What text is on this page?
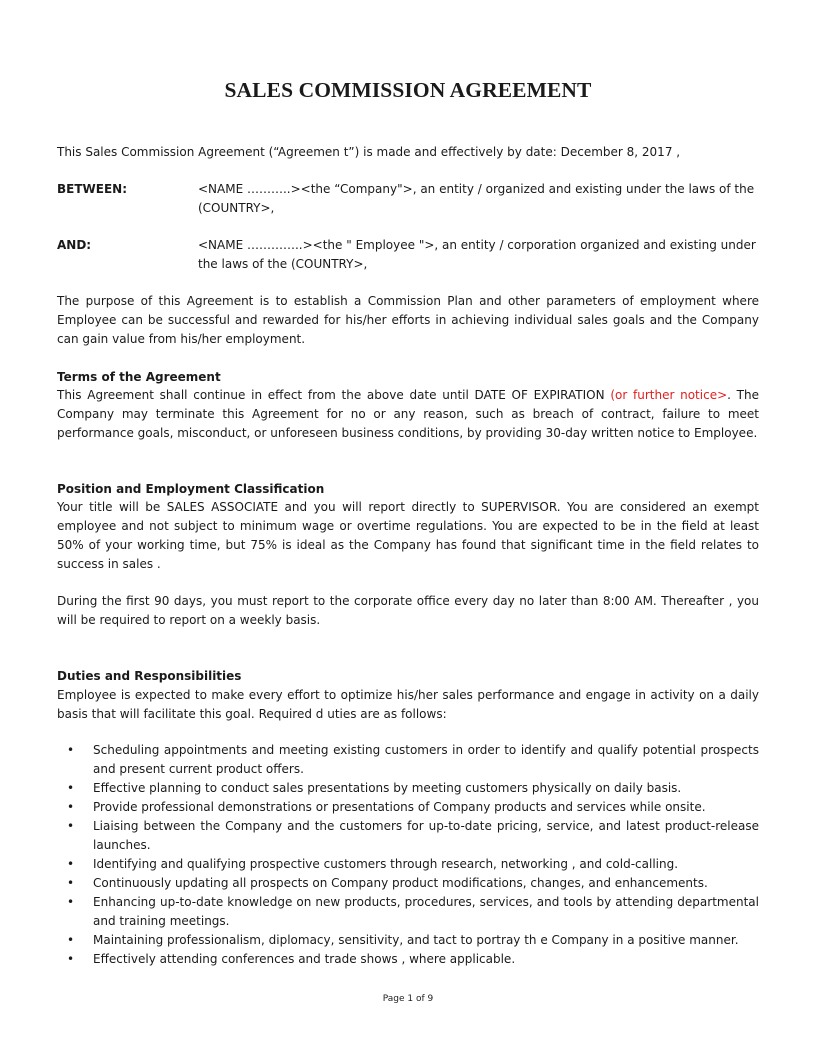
SALES COMMISSION AGREEMENT

This Sales Commission Agreement (“Agreemen t”) is made and effectively by date: December 8, 2017 ,

BETWEEN:	<NAME ………..><the “Company">, an entity / organized and existing under the laws of the (COUNTRY>,
AND:	<NAME …………..><the " Employee ">, an entity / corporation organized and existing under the laws of the (COUNTRY>,

The purpose of this Agreement is to establish a Commission Plan and other parameters of employment where Employee can be successful and rewarded for his/her efforts in achieving individual sales goals and the Company can gain value from his/her employment.

Terms of the Agreement

This Agreement shall continue in effect from the above date until DATE OF EXPIRATION (or further notice>. The Company may terminate this Agreement for no or any reason, such as breach of contract, failure to meet performance goals, misconduct, or unforeseen business conditions, by providing 30-day written notice to Employee.

Position and Employment Classification

Your title will be SALES ASSOCIATE and you will report directly to SUPERVISOR. You are considered an exempt employee and not subject to minimum wage or overtime regulations. You are expected to be in the field at least 50% of your working time, but 75% is ideal as the Company has found that significant time in the field relates to success in sales .

During the first 90 days, you must report to the corporate office every day no later than 8:00 AM. Thereafter , you will be required to report on a weekly basis.

Duties and Responsibilities

Employee is expected to make every effort to optimize his/her sales performance and engage in activity on a daily basis that will facilitate this goal. Required d uties are as follows:

• Scheduling appointments and meeting existing customers in order to identify and qualify potential prospects and present current product offers.
• Effective planning to conduct sales presentations by meeting customers physically on daily basis.
• Provide professional demonstrations or presentations of Company products and services while onsite.
• Liaising between the Company and the customers for up-to-date pricing, service, and latest product-release launches.
• Identifying and qualifying prospective customers through research, networking , and cold-calling.
• Continuously updating all prospects on Company product modifications, changes, and enhancements.
• Enhancing up-to-date knowledge on new products, procedures, services, and tools by attending departmental and training meetings.
• Maintaining professionalism, diplomacy, sensitivity, and tact to portray th e Company in a positive manner.
• Effectively attending conferences and trade shows , where applicable.
Page 1 of 9
